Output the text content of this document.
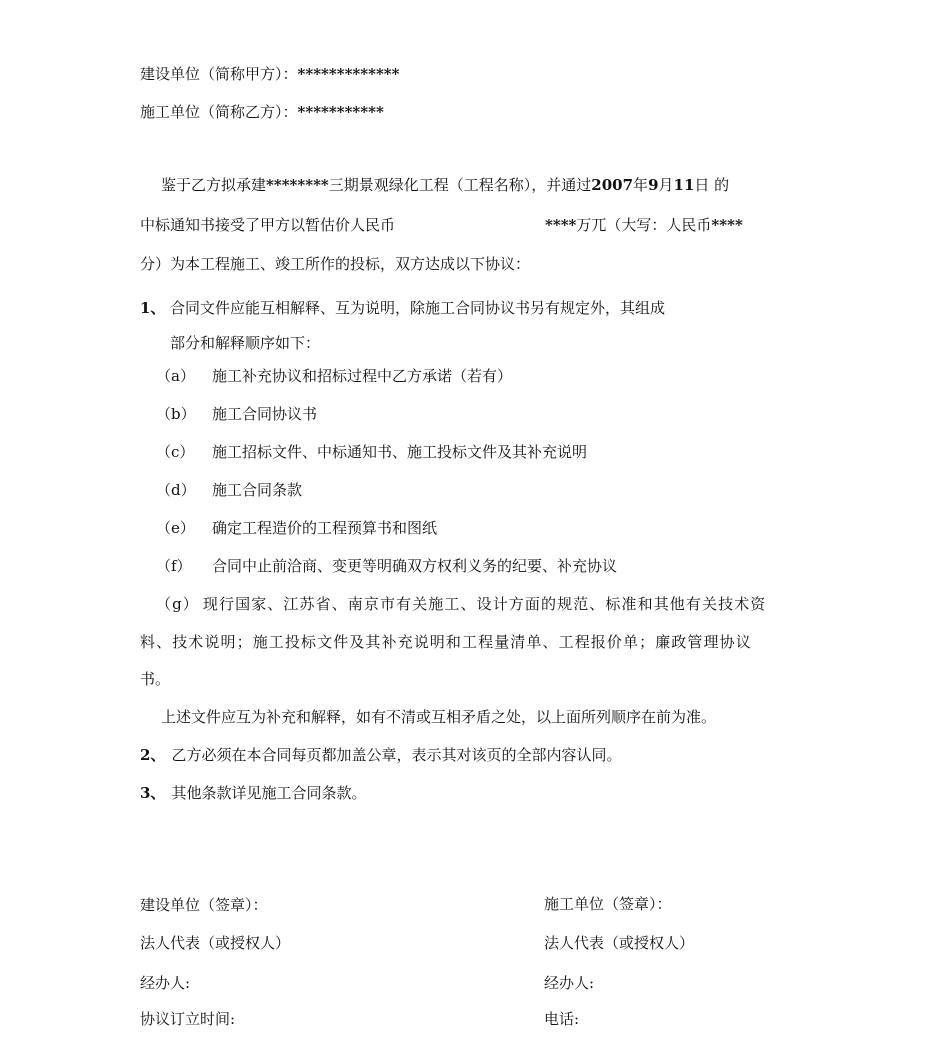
建设单位（简称甲方）：*************
施工单位（简称乙方）：***********
鉴于乙方拟承建********三期景观绿化工程（工程名称），并通过2007年9月11日 的
中标通知书接受了甲方以暂估价人民币	****万兀（大写：人民币****
分）为本工程施工、竣工所作的投标，双方达成以下协议：
1、 合同文件应能互相解释、互为说明，除施工合同协议书另有规定外，其组成
部分和解释顺序如下：
（a） 施工补充协议和招标过程中乙方承诺（若有）
（b） 施工合同协议书
（c） 施工招标文件、中标通知书、施工投标文件及其补充说明
（d） 施工合同条款
（e） 确定工程造价的工程预算书和图纸
（f） 合同中止前洽商、变更等明确双方权利义务的纪要、补充协议
（g） 现行国家、江苏省、南京市有关施工、设计方面的规范、标准和其他有关技术资
料、技术说明；施工投标文件及其补充说明和工程量清单、工程报价单；廉政管理协议
书。
上述文件应互为补充和解释，如有不清或互相矛盾之处，以上面所列顺序在前为准。
2、 乙方必须在本合同每页都加盖公章，表示其对该页的全部内容认同。
3、 其他条款详见施工合同条款。
建设单位（签章）：
法人代表（或授权人）
经办人:
协议订立时间:
施工单位（签章）：
法人代表（或授权人）
经办人:
电话:
